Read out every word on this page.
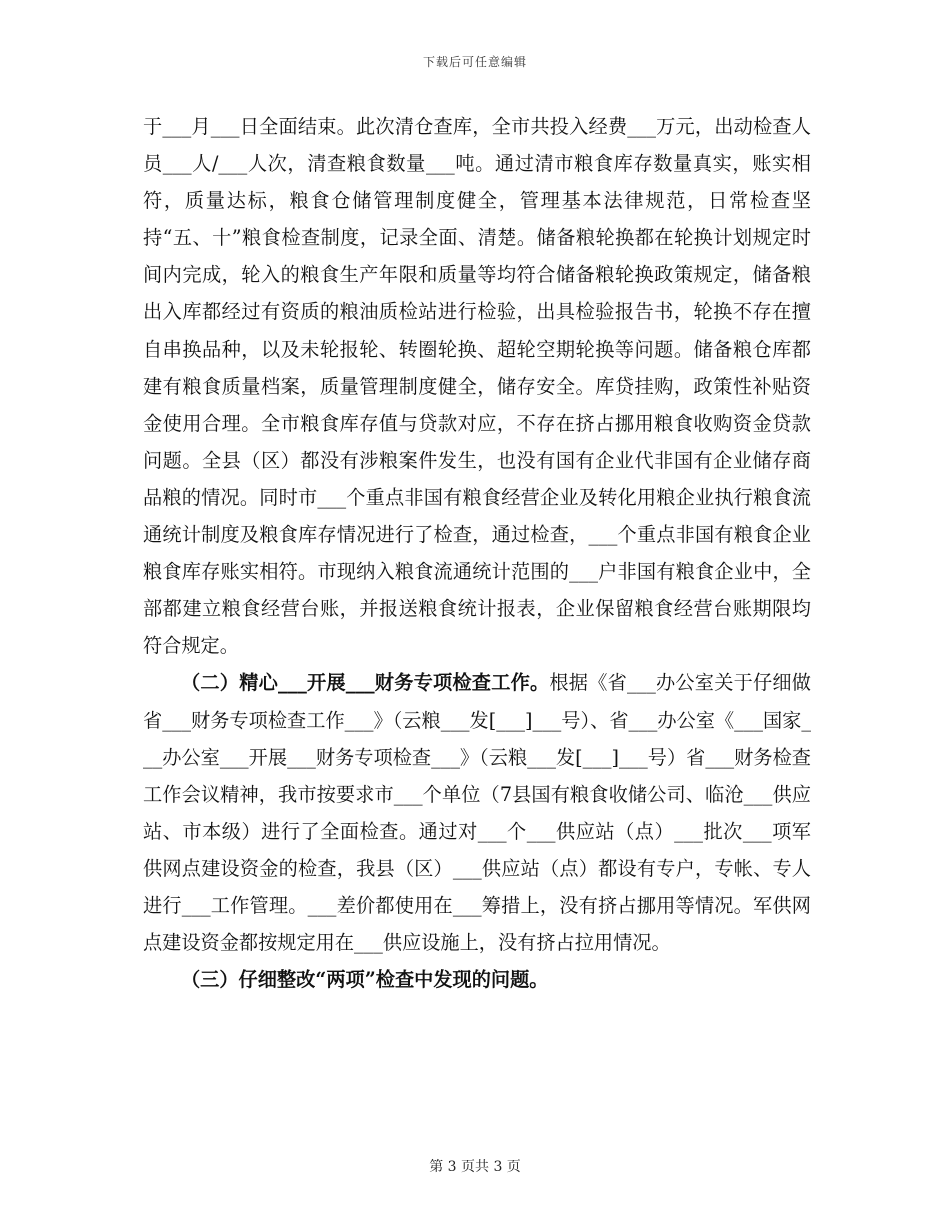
下载后可任意编辑

于___月___日全面结束。此次清仓查库，全市共投入经费___万元，出动检查人员___人/___人次，清查粮食数量___吨。通过清市粮食库存数量真实，账实相符，质量达标，粮食仓储管理制度健全，管理基本法律规范，日常检查坚持“五、十”粮食检查制度，记录全面、清楚。储备粮轮换都在轮换计划规定时间内完成，轮入的粮食生产年限和质量等均符合储备粮轮换政策规定，储备粮出入库都经过有资质的粮油质检站进行检验，出具检验报告书，轮换不存在擅自串换品种，以及未轮报轮、转圈轮换、超轮空期轮换等问题。储备粮仓库都建有粮食质量档案，质量管理制度健全，储存安全。库贷挂购，政策性补贴资金使用合理。全市粮食库存值与贷款对应，不存在挤占挪用粮食收购资金贷款问题。全县（区）都没有涉粮案件发生，也没有国有企业代非国有企业储存商品粮的情况。同时市___个重点非国有粮食经营企业及转化用粮企业执行粮食流通统计制度及粮食库存情况进行了检查，通过检查，___个重点非国有粮食企业粮食库存账实相符。市现纳入粮食流通统计范围的___户非国有粮食企业中，全部都建立粮食经营台账，并报送粮食统计报表，企业保留粮食经营台账期限均符合规定。

（二）精心___开展___财务专项检查工作。根据《省___办公室关于仔细做省___财务专项检查工作___》（云粮___发[___]___号）、省___办公室《___国家___办公室___开展___财务专项检查___》（云粮___发[___]___号）省___财务检查工作会议精神，我市按要求市___个单位（7县国有粮食收储公司、临沧___供应站、市本级）进行了全面检查。通过对___个___供应站（点）___批次___项军供网点建设资金的检查，我县（区）___供应站（点）都设有专户，专帐、专人进行___工作管理。___差价都使用在___筹措上，没有挤占挪用等情况。军供网点建设资金都按规定用在___供应设施上，没有挤占拉用情况。

（三）仔细整改“两项”检查中发现的问题。

第 3 页共 3 页
